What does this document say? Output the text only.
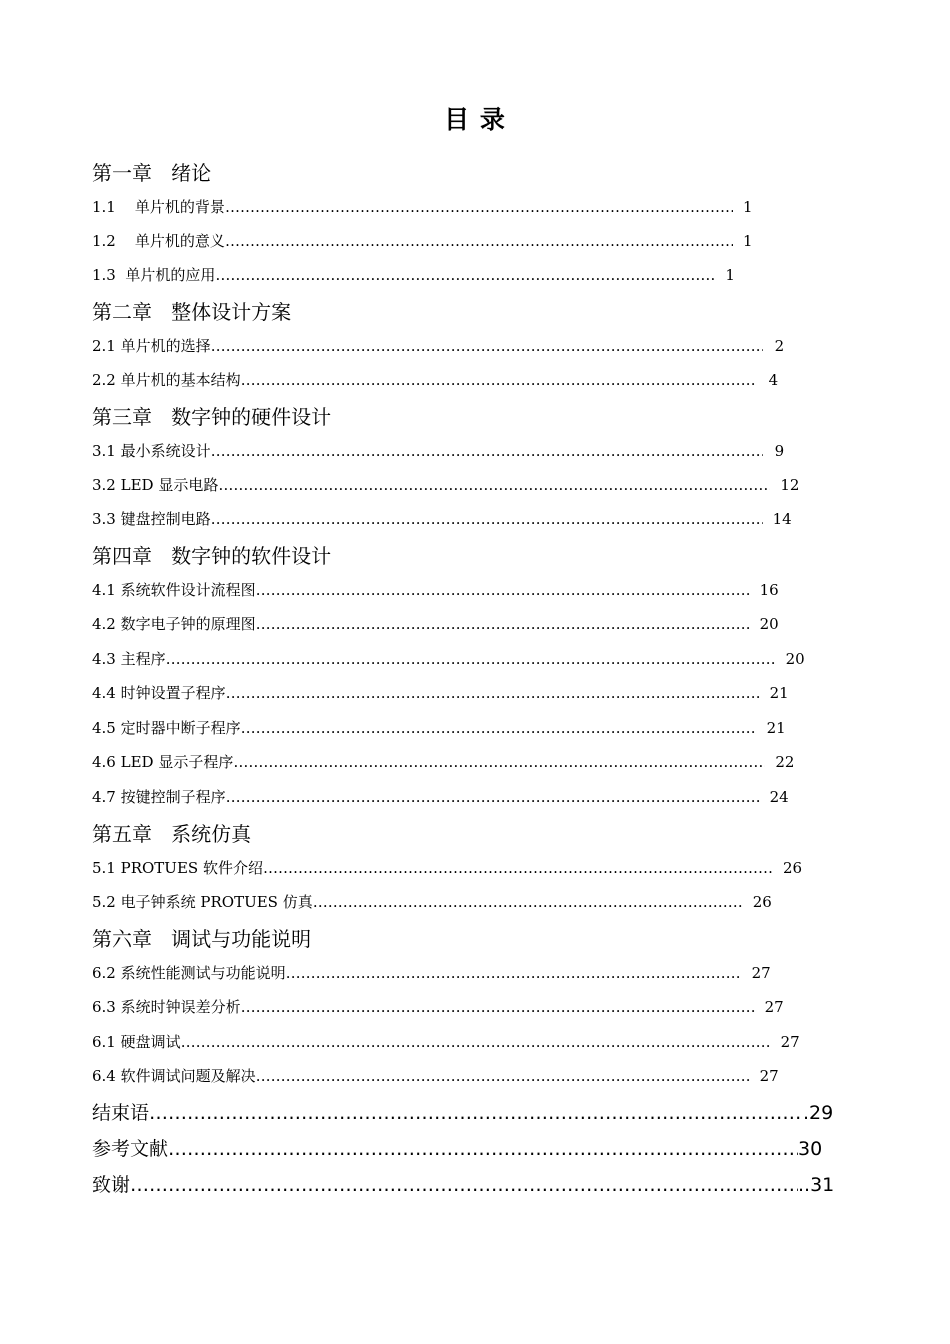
目 录
第一章   绪论
1.1    单片机的背景 …………………………………………………………………………………………………………………………………………………………………………………………	1
1.2    单片机的意义 …………………………………………………………………………………………………………………………………………………………………………………………	1
1.3  单片机的应用 …………………………………………………………………………………………………………………………………………………………………………………………	1
第二章   整体设计方案
2.1 单片机的选择 …………………………………………………………………………………………………………………………………………………………………………………………	2
2.2 单片机的基本结构 …………………………………………………………………………………………………………………………………………………………………………………………	4
第三章   数字钟的硬件设计
3.1 最小系统设计 …………………………………………………………………………………………………………………………………………………………………………………………	9
3.2 LED 显示电路 …………………………………………………………………………………………………………………………………………………………………………………………	12
3.3 键盘控制电路 …………………………………………………………………………………………………………………………………………………………………………………………	14
第四章   数字钟的软件设计
4.1 系统软件设计流程图 …………………………………………………………………………………………………………………………………………………………………………………………	16
4.2 数字电子钟的原理图 …………………………………………………………………………………………………………………………………………………………………………………………	20
4.3 主程序 …………………………………………………………………………………………………………………………………………………………………………………………	20
4.4 时钟设置子程序 …………………………………………………………………………………………………………………………………………………………………………………………	21
4.5 定时器中断子程序 …………………………………………………………………………………………………………………………………………………………………………………………	21
4.6 LED 显示子程序 …………………………………………………………………………………………………………………………………………………………………………………………	22
4.7 按键控制子程序 …………………………………………………………………………………………………………………………………………………………………………………………	24
第五章   系统仿真
5.1 PROTUES 软件介绍 …………………………………………………………………………………………………………………………………………………………………………………………	26
5.2 电子钟系统 PROTUES 仿真 …………………………………………………………………………………………………………………………………………………………………………………………	26
第六章   调试与功能说明
6.2 系统性能测试与功能说明 …………………………………………………………………………………………………………………………………………………………………………………………	27
6.3 系统时钟误差分析 …………………………………………………………………………………………………………………………………………………………………………………………	27
6.1 硬盘调试 …………………………………………………………………………………………………………………………………………………………………………………………	27
6.4 软件调试问题及解决 …………………………………………………………………………………………………………………………………………………………………………………………	27
结束语 …………………………………………………………………………………………………………………………………………………………………………………………	.29
参考文献 …………………………………………………………………………………………………………………………………………………………………………………………	30
致谢 …………………………………………………………………………………………………………………………………………………………………………………………	..31
